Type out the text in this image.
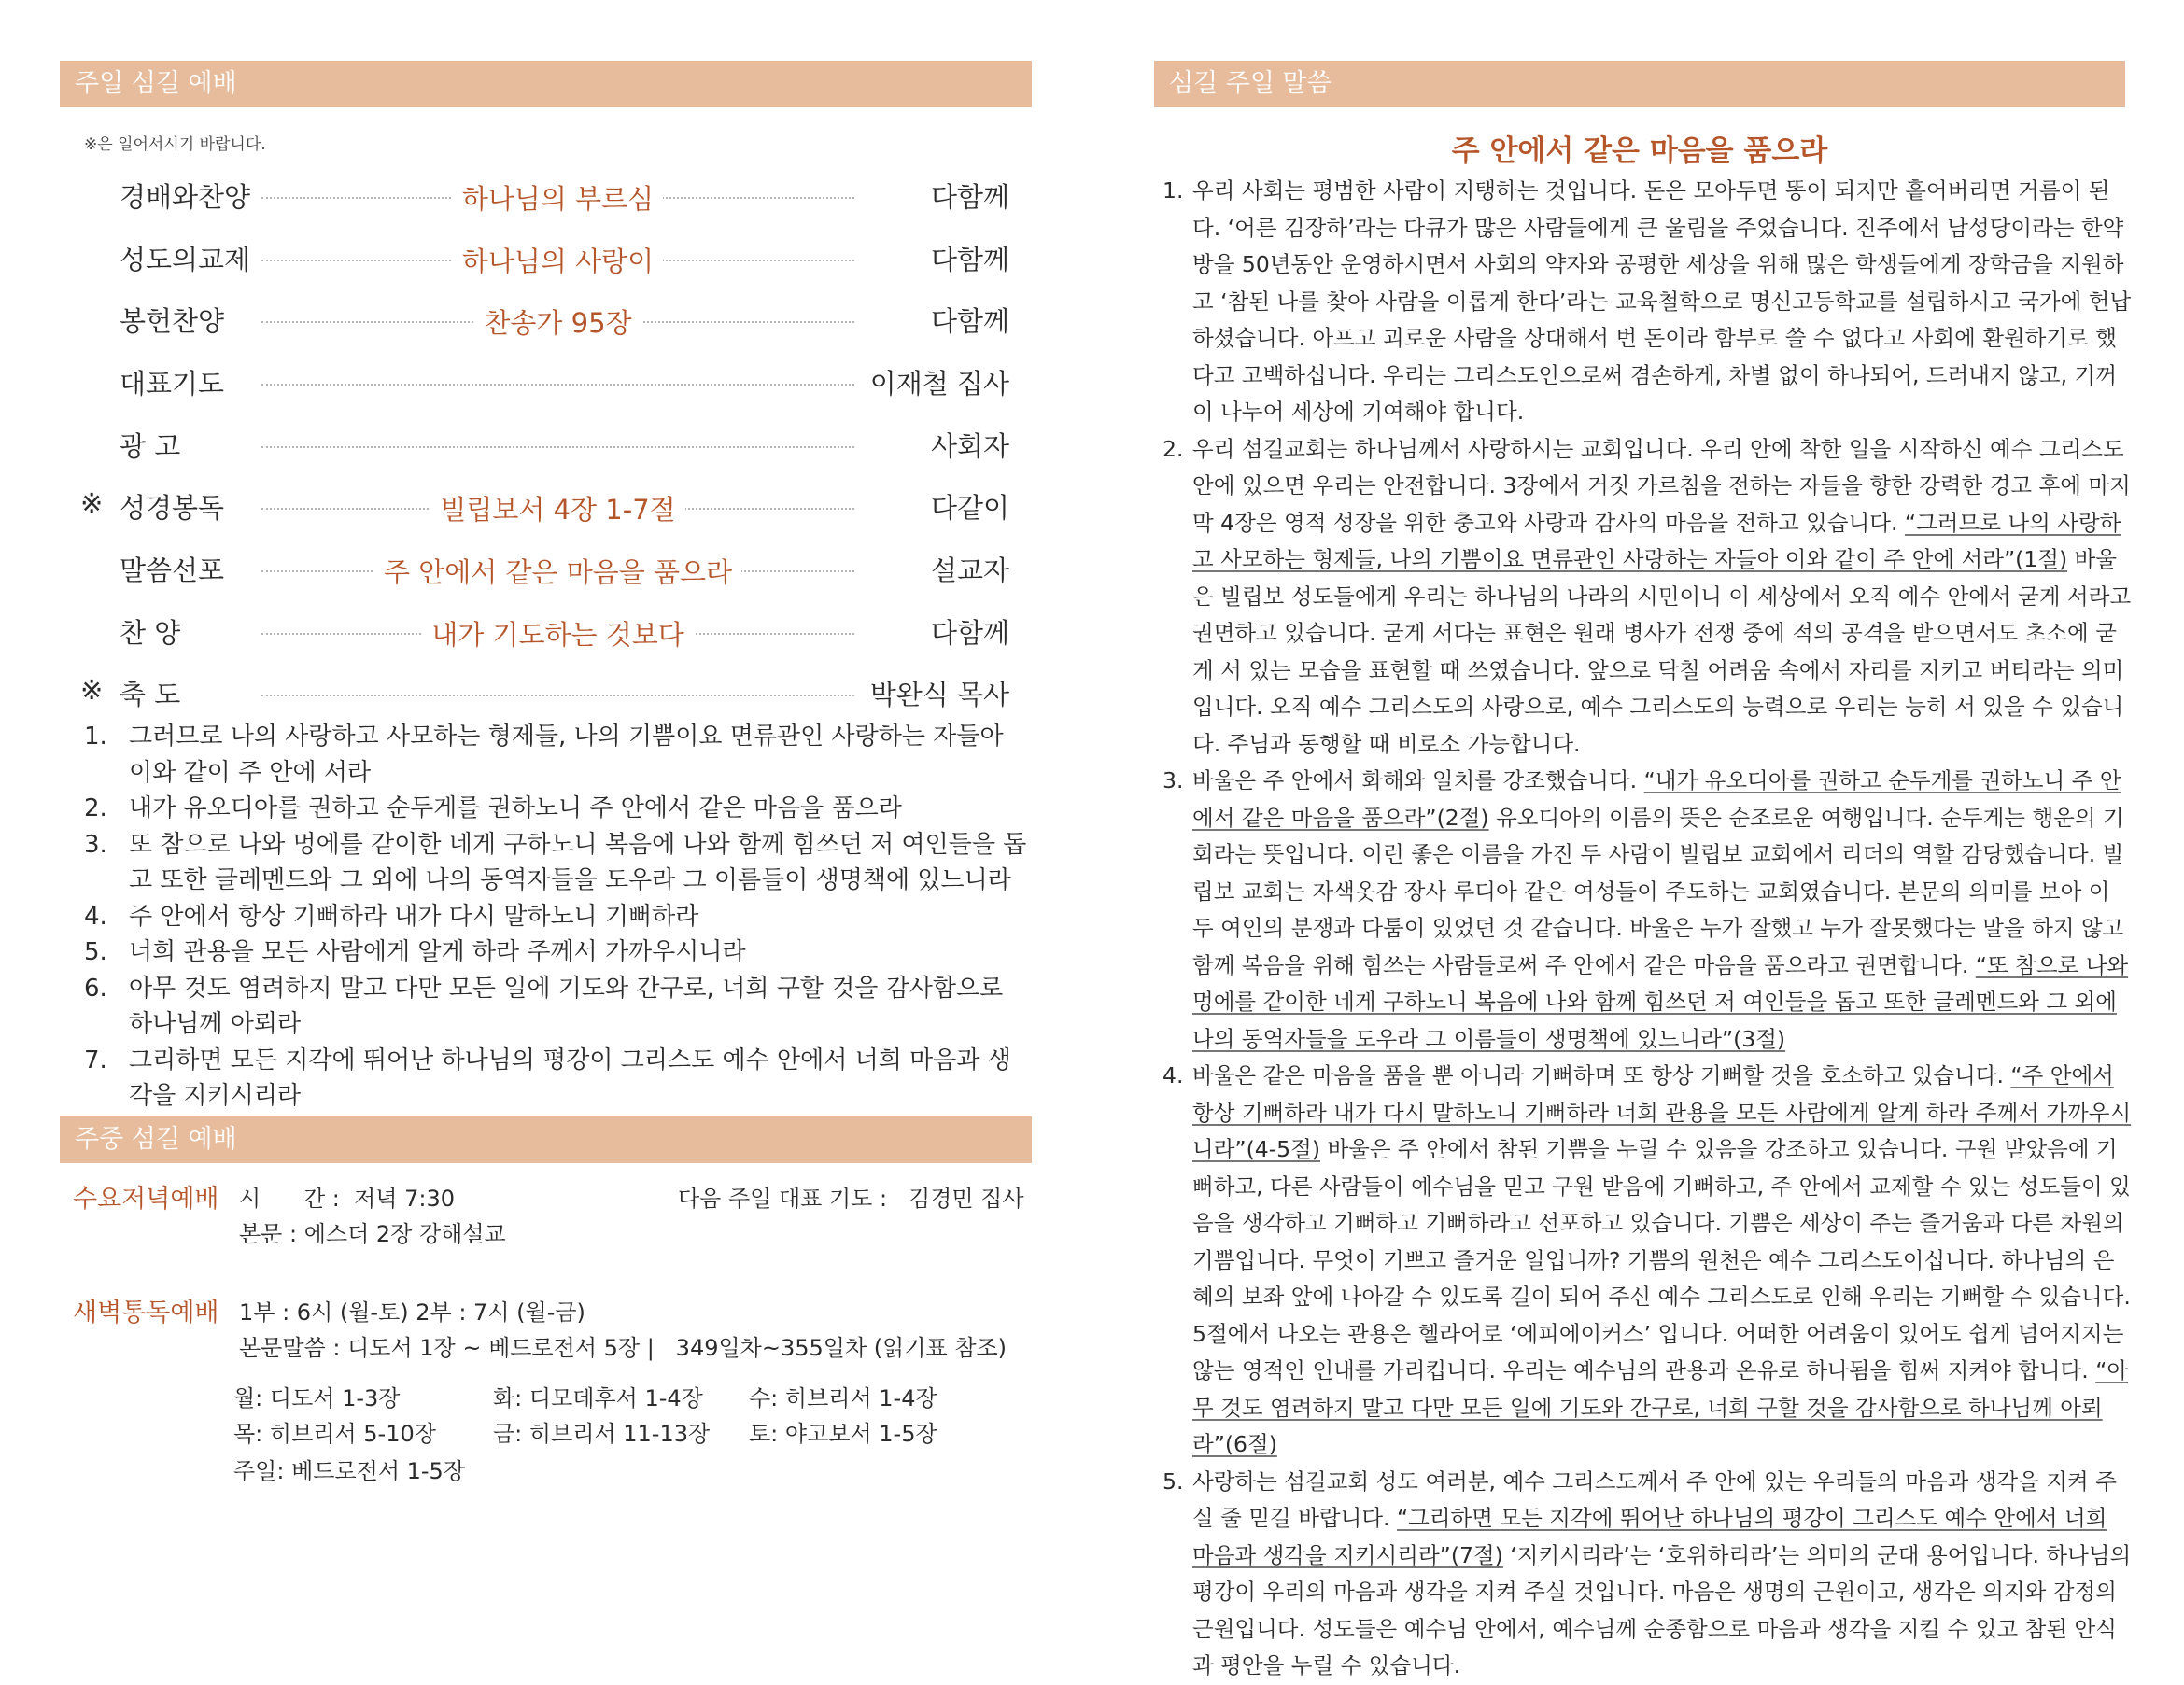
주일 섬길 예배
※은 일어서시기 바랍니다.
경배와찬양	하나님의 부르심	다함께
성도의교제	하나님의 사랑이	다함께
봉헌찬양	찬송가 95장	다함께
대표기도	이재철 집사
광 고	사회자
※ 성경봉독	빌립보서 4장 1-7절	다같이
말씀선포	주 안에서 같은 마음을 품으라	설교자
찬 양	내가 기도하는 것보다	다함께
※ 축 도	박완식 목사
1. 그러므로 나의 사랑하고 사모하는 형제들, 나의 기쁨이요 면류관인 사랑하는 자들아 이와 같이 주 안에 서라
2. 내가 유오디아를 권하고 순두게를 권하노니 주 안에서 같은 마음을 품으라
3. 또 참으로 나와 멍에를 같이한 네게 구하노니 복음에 나와 함께 힘쓰던 저 여인들을 돕고 또한 글레멘드와 그 외에 나의 동역자들을 도우라 그 이름들이 생명책에 있느니라
4. 주 안에서 항상 기뻐하라 내가 다시 말하노니 기뻐하라
5. 너희 관용을 모든 사람에게 알게 하라 주께서 가까우시니라
6. 아무 것도 염려하지 말고 다만 모든 일에 기도와 간구로, 너희 구할 것을 감사함으로 하나님께 아뢰라
7. 그리하면 모든 지각에 뛰어난 하나님의 평강이 그리스도 예수 안에서 너희 마음과 생각을 지키시리라
주중 섬길 예배
수요저녁예배 시      간 :  저녁 7:30	다음 주일 대표 기도 :   김경민 집사
본문 : 에스더 2장 강해설교
새벽통독예배 1부 : 6시 (월-토) 2부 : 7시 (월-금)
본문말씀 : 디도서 1장 ~ 베드로전서 5장 |   349일차~355일차 (읽기표 참조)
월: 디도서 1-3장	화: 디모데후서 1-4장 수: 히브리서 1-4장
목: 히브리서 5-10장	금: 히브리서 11-13장 토: 야고보서 1-5장
주일: 베드로전서 1-5장
섬길 주일 말씀
주 안에서 같은 마음을 품으라
1. 우리 사회는 평범한 사람이 지탱하는 것입니다. 돈은 모아두면 똥이 되지만 흩어버리면 거름이 된다. ‘어른 김장하’라는 다큐가 많은 사람들에게 큰 울림을 주었습니다. 진주에서 남성당이라는 한약방을 50년동안 운영하시면서 사회의 약자와 공평한 세상을 위해 많은 학생들에게 장학금을 지원하고 ‘참된 나를 찾아 사람을 이롭게 한다’라는 교육철학으로 명신고등학교를 설립하시고 국가에 헌납하셨습니다. 아프고 괴로운 사람을 상대해서 번 돈이라 함부로 쓸 수 없다고 사회에 환원하기로 했다고 고백하십니다. 우리는 그리스도인으로써 겸손하게, 차별 없이 하나되어, 드러내지 않고, 기꺼이 나누어 세상에 기여해야 합니다.
2. 우리 섬길교회는 하나님께서 사랑하시는 교회입니다. 우리 안에 착한 일을 시작하신 예수 그리스도 안에 있으면 우리는 안전합니다. 3장에서 거짓 가르침을 전하는 자들을 향한 강력한 경고 후에 마지막 4장은 영적 성장을 위한 충고와 사랑과 감사의 마음을 전하고 있습니다. “그러므로 나의 사랑하고 사모하는 형제들, 나의 기쁨이요 면류관인 사랑하는 자들아 이와 같이 주 안에 서라”(1절) 바울은 빌립보 성도들에게 우리는 하나님의 나라의 시민이니 이 세상에서 오직 예수 안에서 굳게 서라고 권면하고 있습니다. 굳게 서다는 표현은 원래 병사가 전쟁 중에 적의 공격을 받으면서도 초소에 굳게 서 있는 모습을 표현할 때 쓰였습니다. 앞으로 닥칠 어려움 속에서 자리를 지키고 버티라는 의미입니다. 오직 예수 그리스도의 사랑으로, 예수 그리스도의 능력으로 우리는 능히 서 있을 수 있습니다. 주님과 동행할 때 비로소 가능합니다.
3. 바울은 주 안에서 화해와 일치를 강조했습니다. “내가 유오디아를 권하고 순두게를 권하노니 주 안에서 같은 마음을 품으라”(2절) 유오디아의 이름의 뜻은 순조로운 여행입니다. 순두게는 행운의 기회라는 뜻입니다. 이런 좋은 이름을 가진 두 사람이 빌립보 교회에서 리더의 역할 감당했습니다. 빌립보 교회는 자색옷감 장사 루디아 같은 여성들이 주도하는 교회였습니다. 본문의 의미를 보아 이 두 여인의 분쟁과 다툼이 있었던 것 같습니다. 바울은 누가 잘했고 누가 잘못했다는 말을 하지 않고 함께 복음을 위해 힘쓰는 사람들로써 주 안에서 같은 마음을 품으라고 권면합니다. “또 참으로 나와 멍에를 같이한 네게 구하노니 복음에 나와 함께 힘쓰던 저 여인들을 돕고 또한 글레멘드와 그 외에 나의 동역자들을 도우라 그 이름들이 생명책에 있느니라”(3절)
4. 바울은 같은 마음을 품을 뿐 아니라 기뻐하며 또 항상 기뻐할 것을 호소하고 있습니다. “주 안에서 항상 기뻐하라 내가 다시 말하노니 기뻐하라 너희 관용을 모든 사람에게 알게 하라 주께서 가까우시니라”(4-5절) 바울은 주 안에서 참된 기쁨을 누릴 수 있음을 강조하고 있습니다. 구원 받았음에 기뻐하고, 다른 사람들이 예수님을 믿고 구원 받음에 기뻐하고, 주 안에서 교제할 수 있는 성도들이 있음을 생각하고 기뻐하고 기뻐하라고 선포하고 있습니다. 기쁨은 세상이 주는 즐거움과 다른 차원의 기쁨입니다. 무엇이 기쁘고 즐거운 일입니까? 기쁨의 원천은 예수 그리스도이십니다. 하나님의 은혜의 보좌 앞에 나아갈 수 있도록 길이 되어 주신 예수 그리스도로 인해 우리는 기뻐할 수 있습니다. 5절에서 나오는 관용은 헬라어로 ‘에피에이커스’ 입니다. 어떠한 어려움이 있어도 쉽게 넘어지지는 않는 영적인 인내를 가리킵니다. 우리는 예수님의 관용과 온유로 하나됨을 힘써 지켜야 합니다. “아무 것도 염려하지 말고 다만 모든 일에 기도와 간구로, 너희 구할 것을 감사함으로 하나님께 아뢰라”(6절)
5. 사랑하는 섬길교회 성도 여러분, 예수 그리스도께서 주 안에 있는 우리들의 마음과 생각을 지켜 주실 줄 믿길 바랍니다. “그리하면 모든 지각에 뛰어난 하나님의 평강이 그리스도 예수 안에서 너희 마음과 생각을 지키시리라”(7절) ‘지키시리라’는 ‘호위하리라’는 의미의 군대 용어입니다. 하나님의 평강이 우리의 마음과 생각을 지켜 주실 것입니다. 마음은 생명의 근원이고, 생각은 의지와 감정의 근원입니다. 성도들은 예수님 안에서, 예수님께 순종함으로 마음과 생각을 지킬 수 있고 참된 안식과 평안을 누릴 수 있습니다.
